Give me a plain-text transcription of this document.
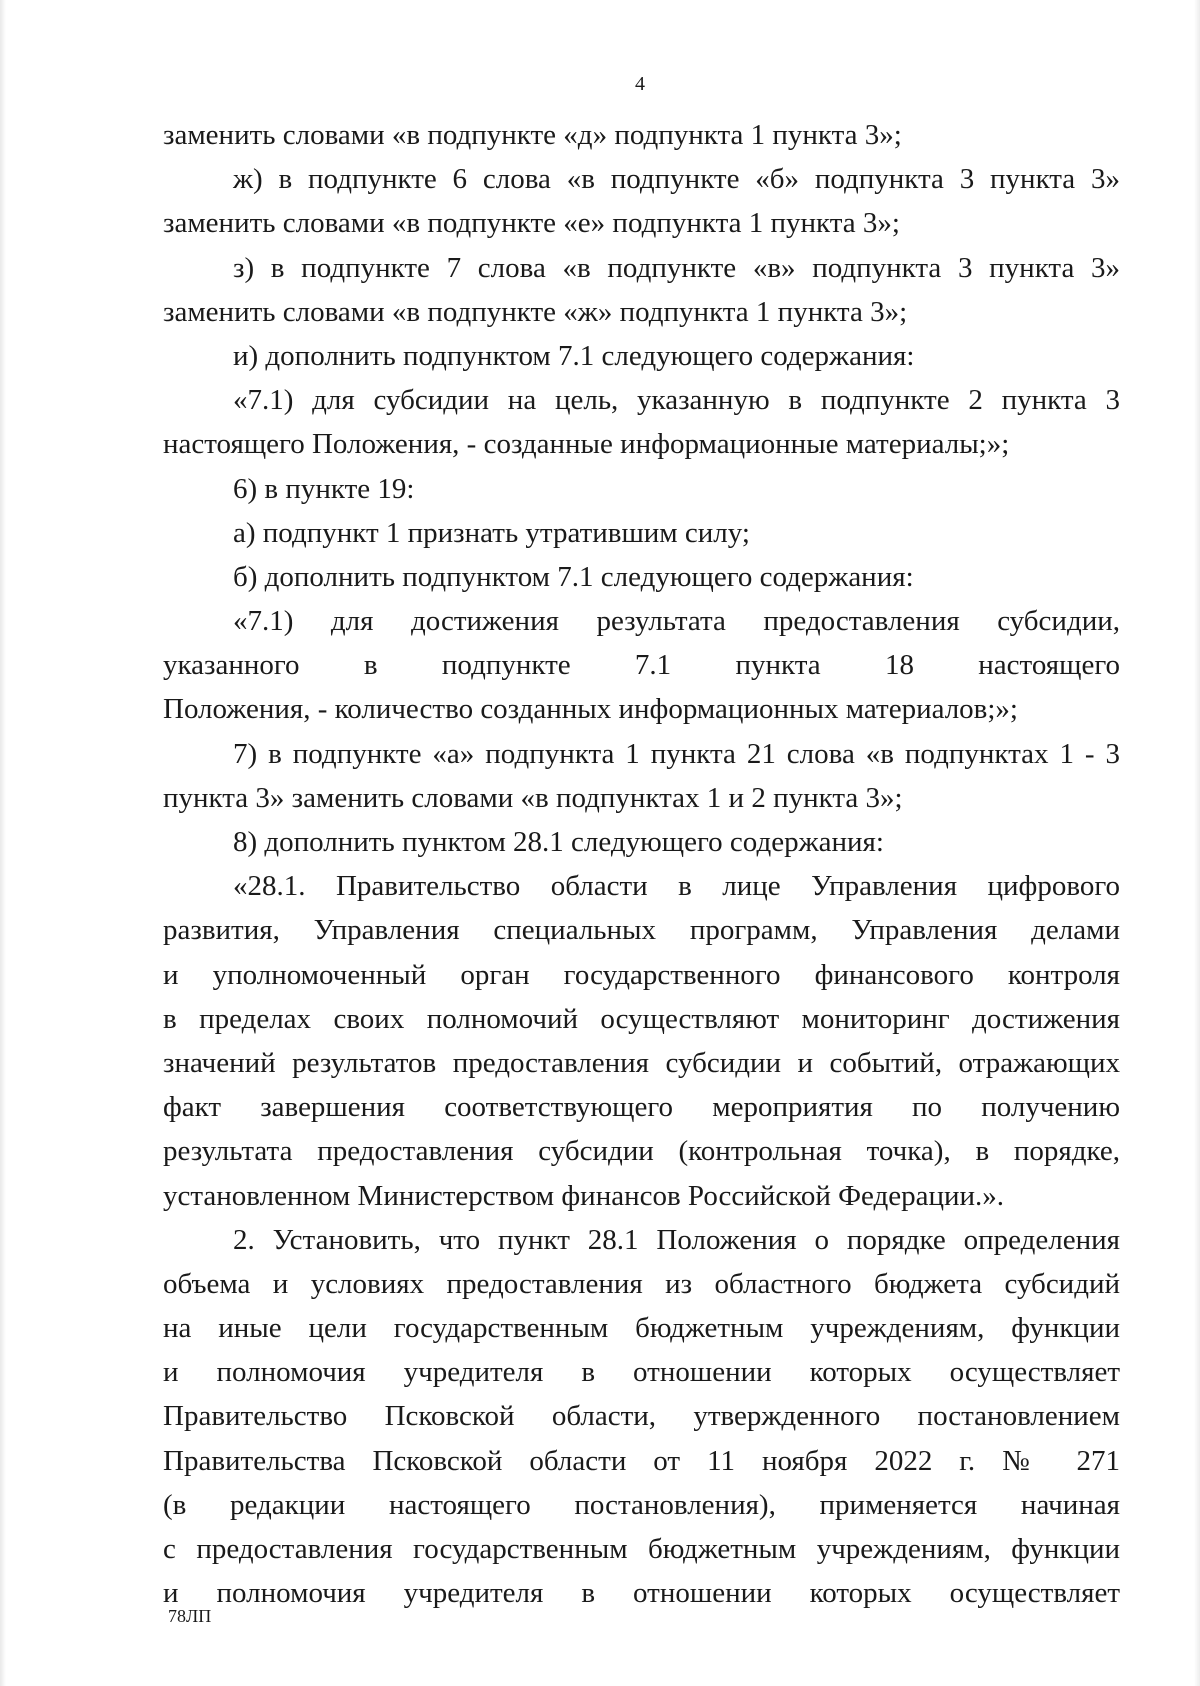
4
заменить словами «в подпункте «д» подпункта 1 пункта 3»;
ж) в подпункте 6 слова «в подпункте «б» подпункта 3 пункта 3»
заменить словами «в подпункте «е» подпункта 1 пункта 3»;
з) в подпункте 7 слова «в подпункте «в» подпункта 3 пункта 3»
заменить словами «в подпункте «ж» подпункта 1 пункта 3»;
и) дополнить подпунктом 7.1 следующего содержания:
«7.1) для субсидии на цель, указанную в подпункте 2 пункта 3
настоящего Положения, - созданные информационные материалы;»;
6) в пункте 19:
а) подпункт 1 признать утратившим силу;
б) дополнить подпунктом 7.1 следующего содержания:
«7.1) для достижения результата предоставления субсидии,
указанного в подпункте 7.1 пункта 18 настоящего
Положения, - количество созданных информационных материалов;»;
7) в подпункте «а» подпункта 1 пункта 21 слова «в подпунктах 1 - 3
пункта 3» заменить словами «в подпунктах 1 и 2 пункта 3»;
8) дополнить пунктом 28.1 следующего содержания:
«28.1. Правительство области в лице Управления цифрового
развития, Управления специальных программ, Управления делами
и уполномоченный орган государственного финансового контроля
в пределах своих полномочий осуществляют мониторинг достижения
значений результатов предоставления субсидии и событий, отражающих
факт завершения соответствующего мероприятия по получению
результата предоставления субсидии (контрольная точка), в порядке,
установленном Министерством финансов Российской Федерации.».
2. Установить, что пункт 28.1 Положения о порядке определения
объема и условиях предоставления из областного бюджета субсидий
на иные цели государственным бюджетным учреждениям, функции
и полномочия учредителя в отношении которых осуществляет
Правительство Псковской области, утвержденного постановлением
Правительства Псковской области от 11 ноября 2022 г. № 271
(в редакции настоящего постановления), применяется начиная
с предоставления государственным бюджетным учреждениям, функции
и полномочия учредителя в отношении которых осуществляет
78ЛП
